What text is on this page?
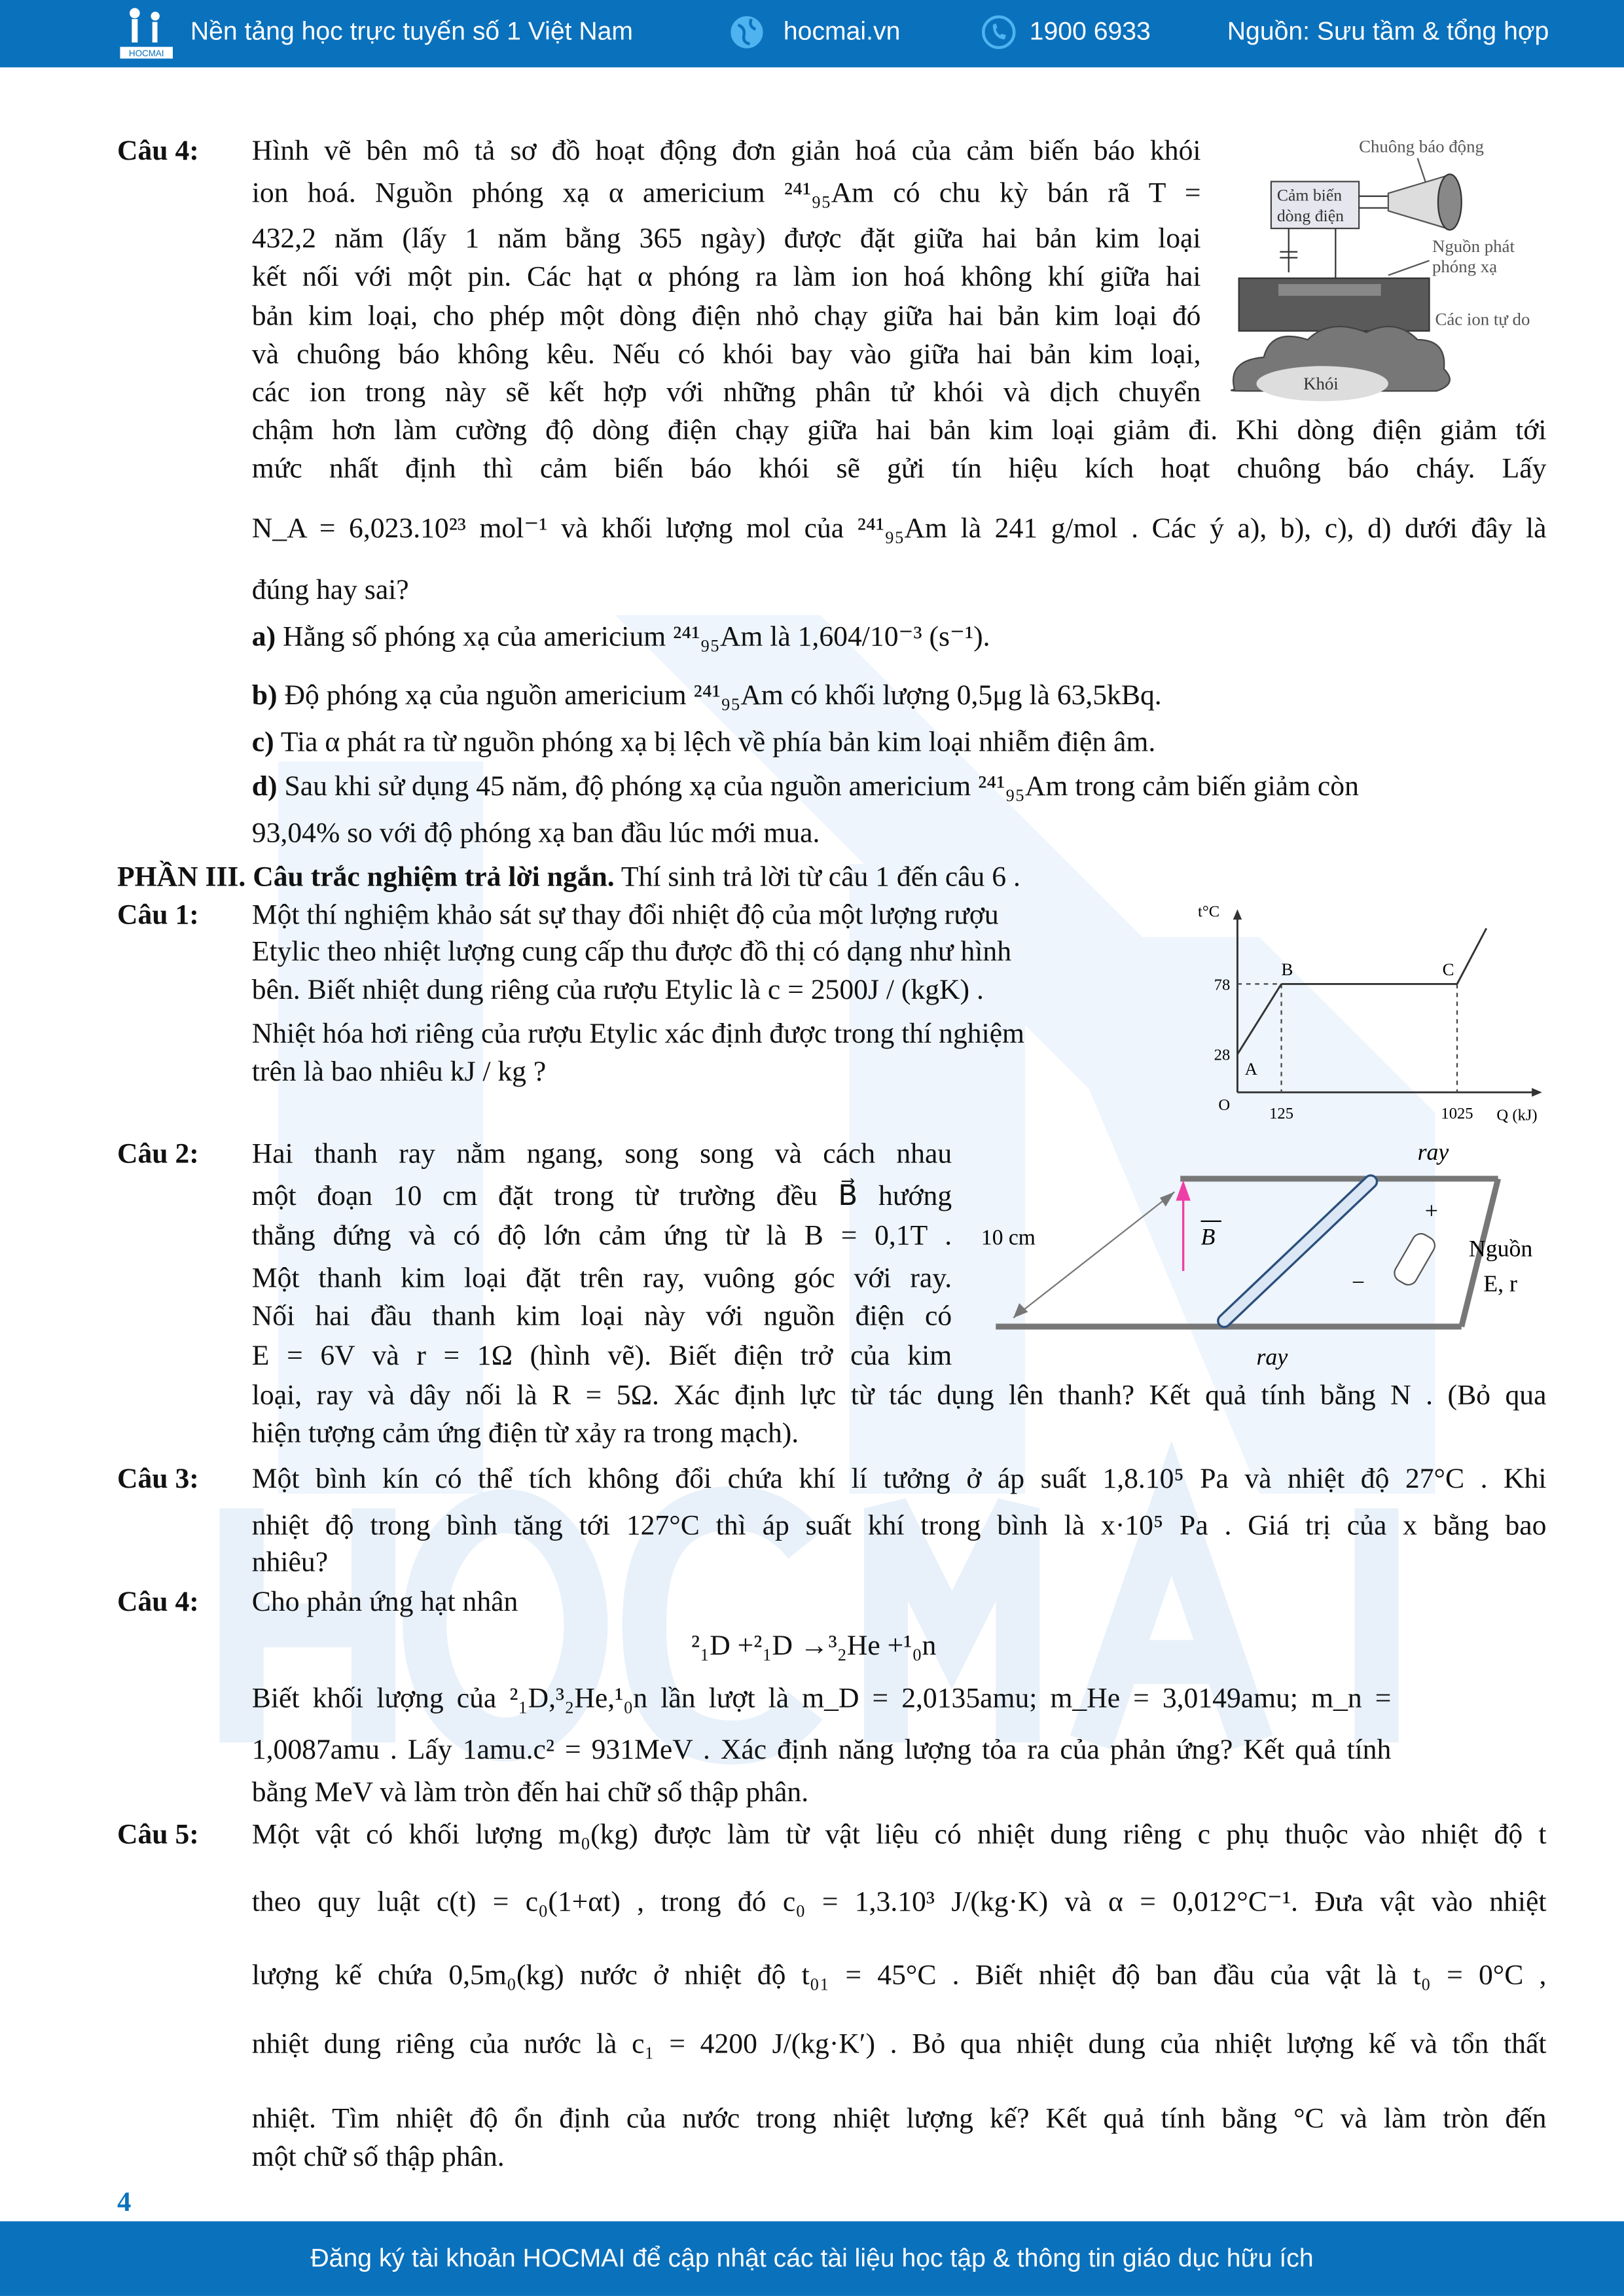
HOCMAI
Nền tảng học trực tuyến số 1 Việt Nam	hocmai.vn	1900 6933	Nguồn: Sưu tầm & tổng hợp
Câu 4:	Hình vẽ bên mô tả sơ đồ hoạt động đơn giản hoá của cảm biến báo khói
ion hoá. Nguồn phóng xạ α americium ²⁴¹₉₅Am có chu kỳ bán rã T =
432,2 năm (lấy 1 năm bằng 365 ngày) được đặt giữa hai bản kim loại
kết nối với một pin. Các hạt α phóng ra làm ion hoá không khí giữa hai
bản kim loại, cho phép một dòng điện nhỏ chạy giữa hai bản kim loại đó
và chuông báo không kêu. Nếu có khói bay vào giữa hai bản kim loại,
các ion trong này sẽ kết hợp với những phân tử khói và dịch chuyển
chậm hơn làm cường độ dòng điện chạy giữa hai bản kim loại giảm đi. Khi dòng điện giảm tới
mức nhất định thì cảm biến báo khói sẽ gửi tín hiệu kích hoạt chuông báo cháy. Lấy
N_A = 6,023.10²³ mol⁻¹ và khối lượng mol của ²⁴¹₉₅Am là 241 g/mol . Các ý a), b), c), d) dưới đây là
đúng hay sai?
a) Hằng số phóng xạ của americium ²⁴¹₉₅Am là 1,604/10⁻³ (s⁻¹).
b) Độ phóng xạ của nguồn americium ²⁴¹₉₅Am có khối lượng 0,5μg là 63,5kBq.
c) Tia α phát ra từ nguồn phóng xạ bị lệch về phía bản kim loại nhiễm điện âm.
d) Sau khi sử dụng 45 năm, độ phóng xạ của nguồn americium ²⁴¹₉₅Am trong cảm biến giảm còn
93,04% so với độ phóng xạ ban đầu lúc mới mua.
PHẦN III. Câu trắc nghiệm trả lời ngắn. Thí sinh trả lời từ câu 1 đến câu 6 .
Câu 1:	Một thí nghiệm khảo sát sự thay đổi nhiệt độ của một lượng rượu
Etylic theo nhiệt lượng cung cấp thu được đồ thị có dạng như hình
bên. Biết nhiệt dung riêng của rượu Etylic là c = 2500J / (kgK) .
Nhiệt hóa hơi riêng của rượu Etylic xác định được trong thí nghiệm
trên là bao nhiêu kJ / kg ?
Câu 2:	Hai thanh ray nằm ngang, song song và cách nhau
một đoạn 10 cm đặt trong từ trường đều B⃗ hướng
thẳng đứng và có độ lớn cảm ứng từ là B = 0,1T .
Một thanh kim loại đặt trên ray, vuông góc với ray.
Nối hai đầu thanh kim loại này với nguồn điện có
E = 6V và r = 1Ω (hình vẽ). Biết điện trở của kim
loại, ray và dây nối là R = 5Ω. Xác định lực từ tác dụng lên thanh? Kết quả tính bằng N . (Bỏ qua
hiện tượng cảm ứng điện từ xảy ra trong mạch).
Câu 3:	Một bình kín có thể tích không đổi chứa khí lí tưởng ở áp suất 1,8.10⁵ Pa và nhiệt độ 27°C . Khi
nhiệt độ trong bình tăng tới 127°C thì áp suất khí trong bình là x·10⁵ Pa . Giá trị của x bằng bao
nhiêu?
Câu 4:	Cho phản ứng hạt nhân
²₁D +²₁D →³₂He +¹₀n
Biết khối lượng của ²₁D,³₂He,¹₀n lần lượt là m_D = 2,0135amu; m_He = 3,0149amu; m_n =
1,0087amu . Lấy 1amu.c² = 931MeV . Xác định năng lượng tỏa ra của phản ứng? Kết quả tính
bằng MeV và làm tròn đến hai chữ số thập phân.
Câu 5:	Một vật có khối lượng m₀(kg) được làm từ vật liệu có nhiệt dung riêng c phụ thuộc vào nhiệt độ t
theo quy luật c(t) = c₀(1+αt) , trong đó c₀ = 1,3.10³ J/(kg·K) và α = 0,012°C⁻¹. Đưa vật vào nhiệt
lượng kế chứa 0,5m₀(kg) nước ở nhiệt độ t₀₁ = 45°C . Biết nhiệt độ ban đầu của vật là t₀ = 0°C ,
nhiệt dung riêng của nước là c₁ = 4200 J/(kg·K′) . Bỏ qua nhiệt dung của nhiệt lượng kế và tổn thất
nhiệt. Tìm nhiệt độ ổn định của nước trong nhiệt lượng kế? Kết quả tính bằng °C và làm tròn đến
một chữ số thập phân.
Chuông báo động
Cảm biến
dòng điện
Nguồn phát
phóng xạ
Các ion tự do
Khói
t°C
Q (kJ)
O	125	1025
28
78
A
B	C
ray
10 cm	B
+
−
Nguồn
E, r
ray
4
Đăng ký tài khoản HOCMAI để cập nhật các tài liệu học tập & thông tin giáo dục hữu ích
